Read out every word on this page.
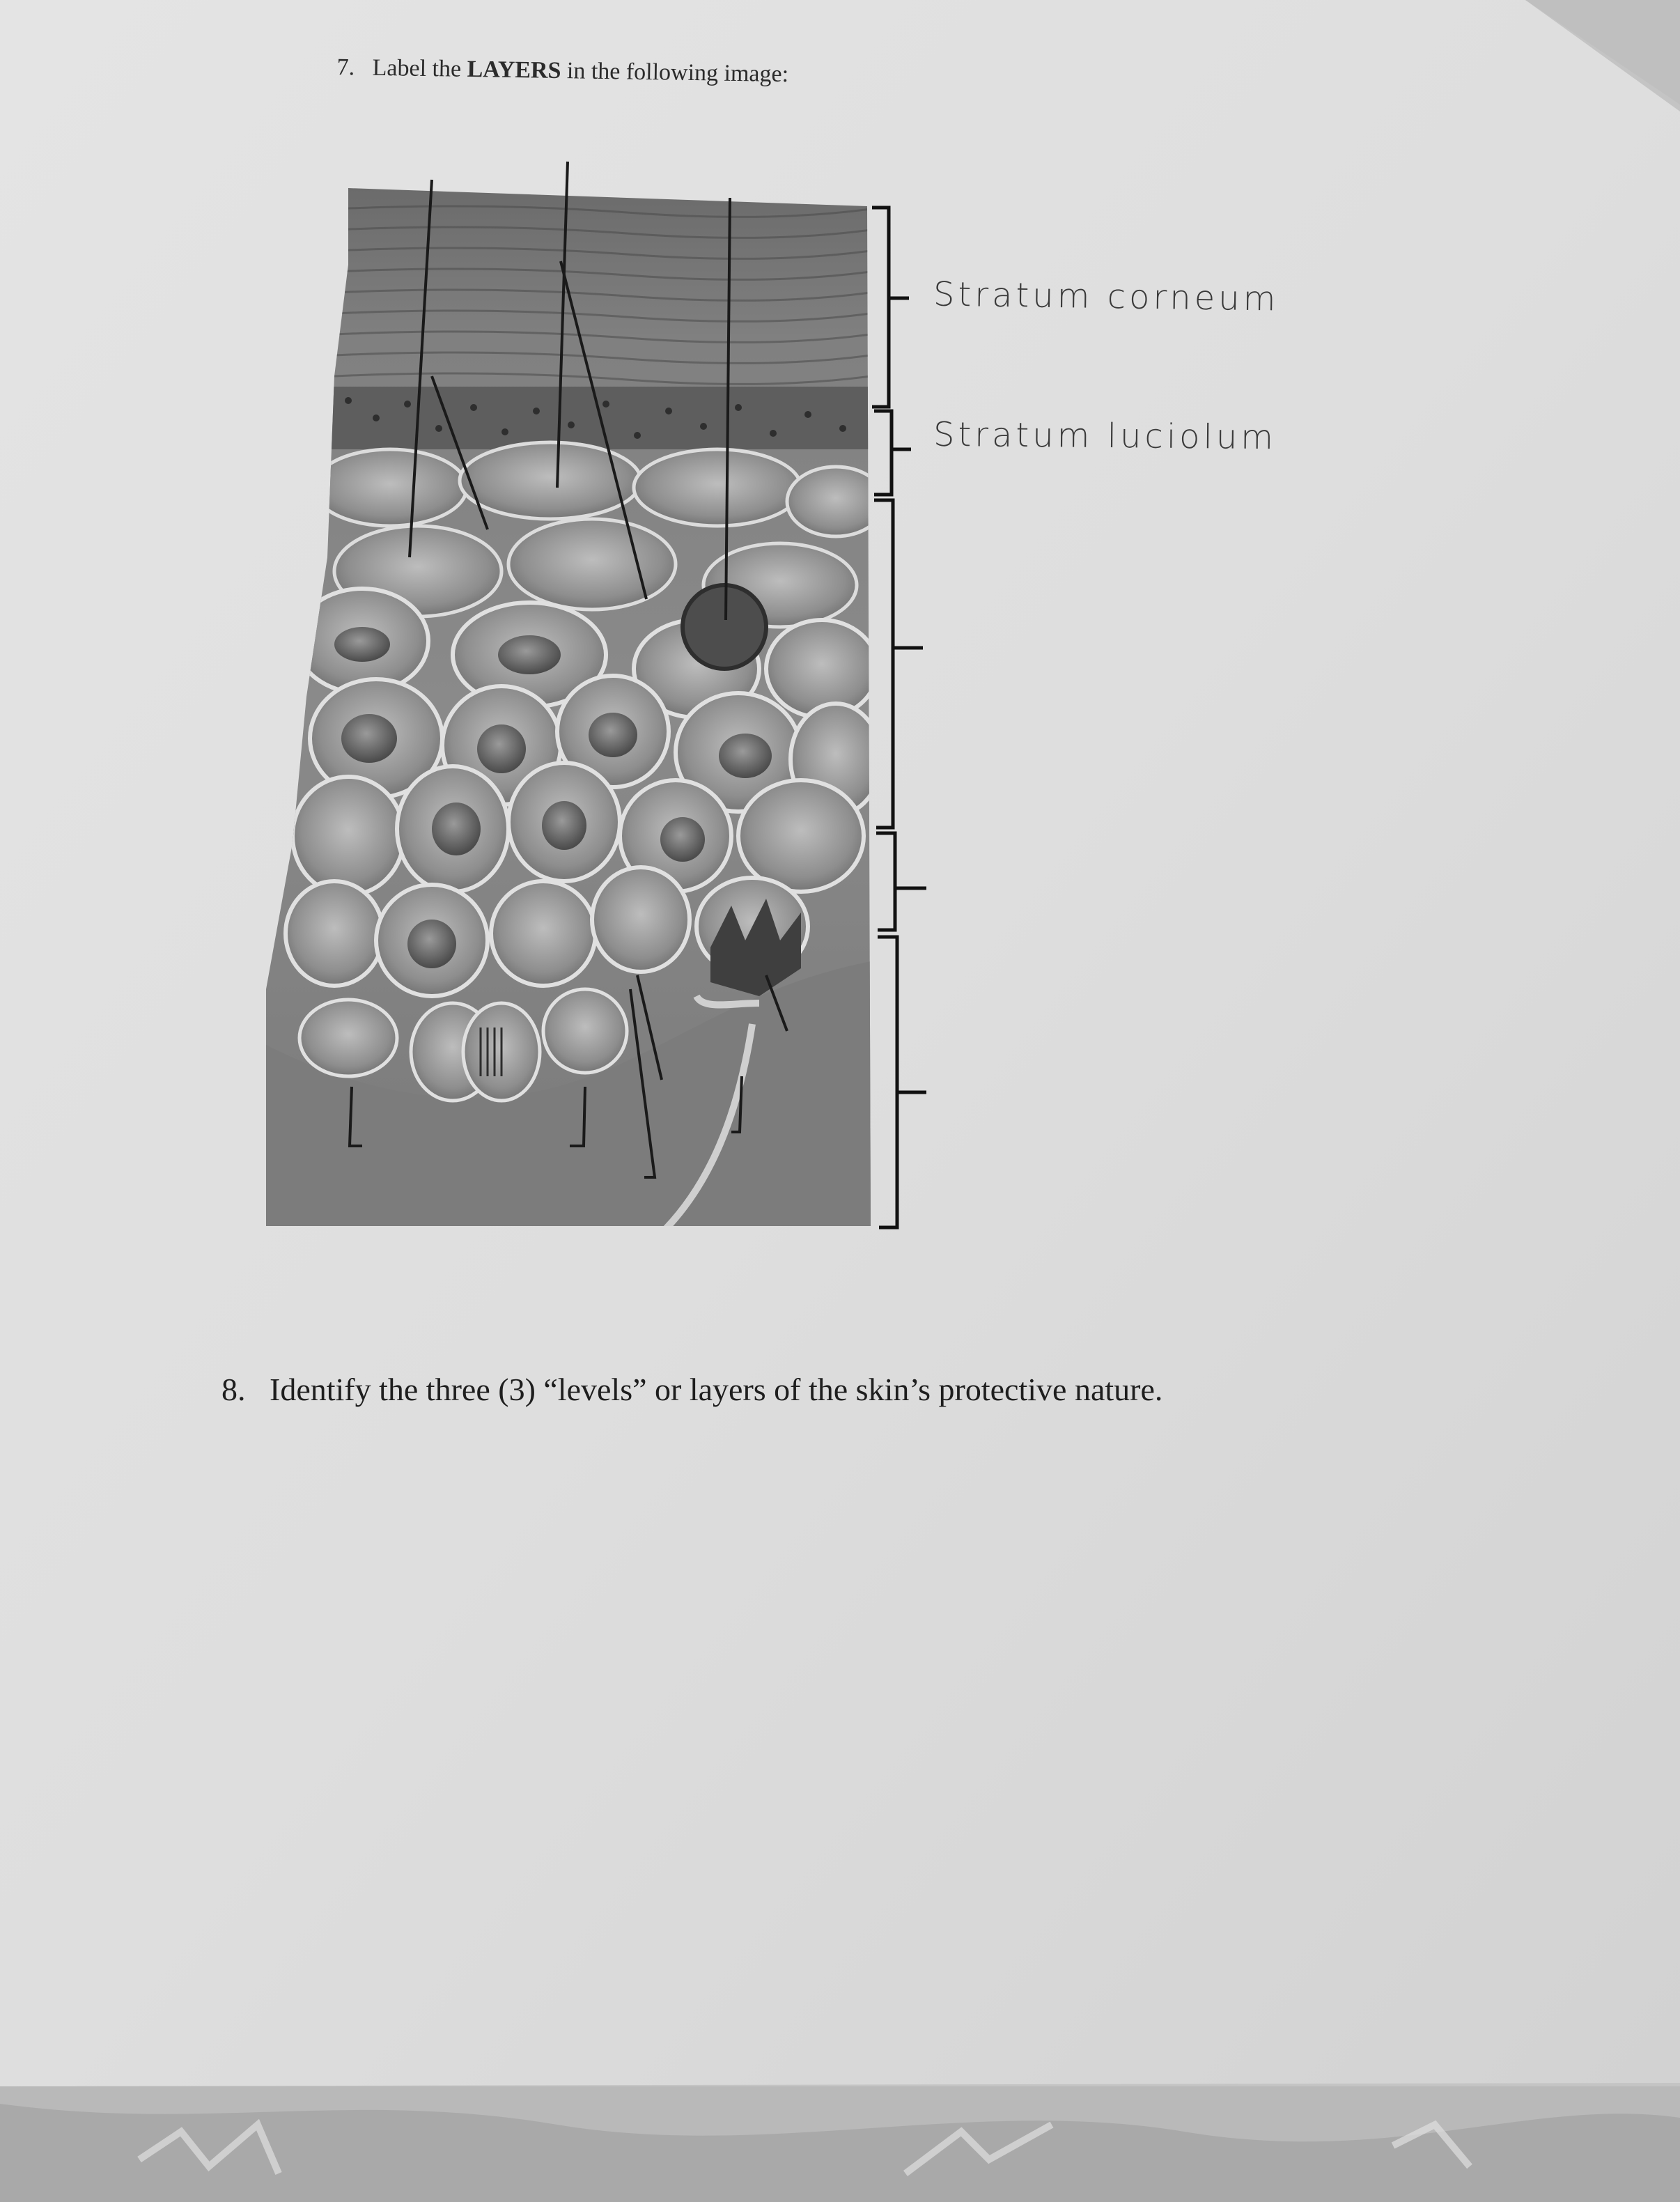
7. Label the LAYERS in the following image:
Stratum corneum
Stratum luciolum
8. Identify the three (3) “levels” or layers of the skin’s protective nature.
